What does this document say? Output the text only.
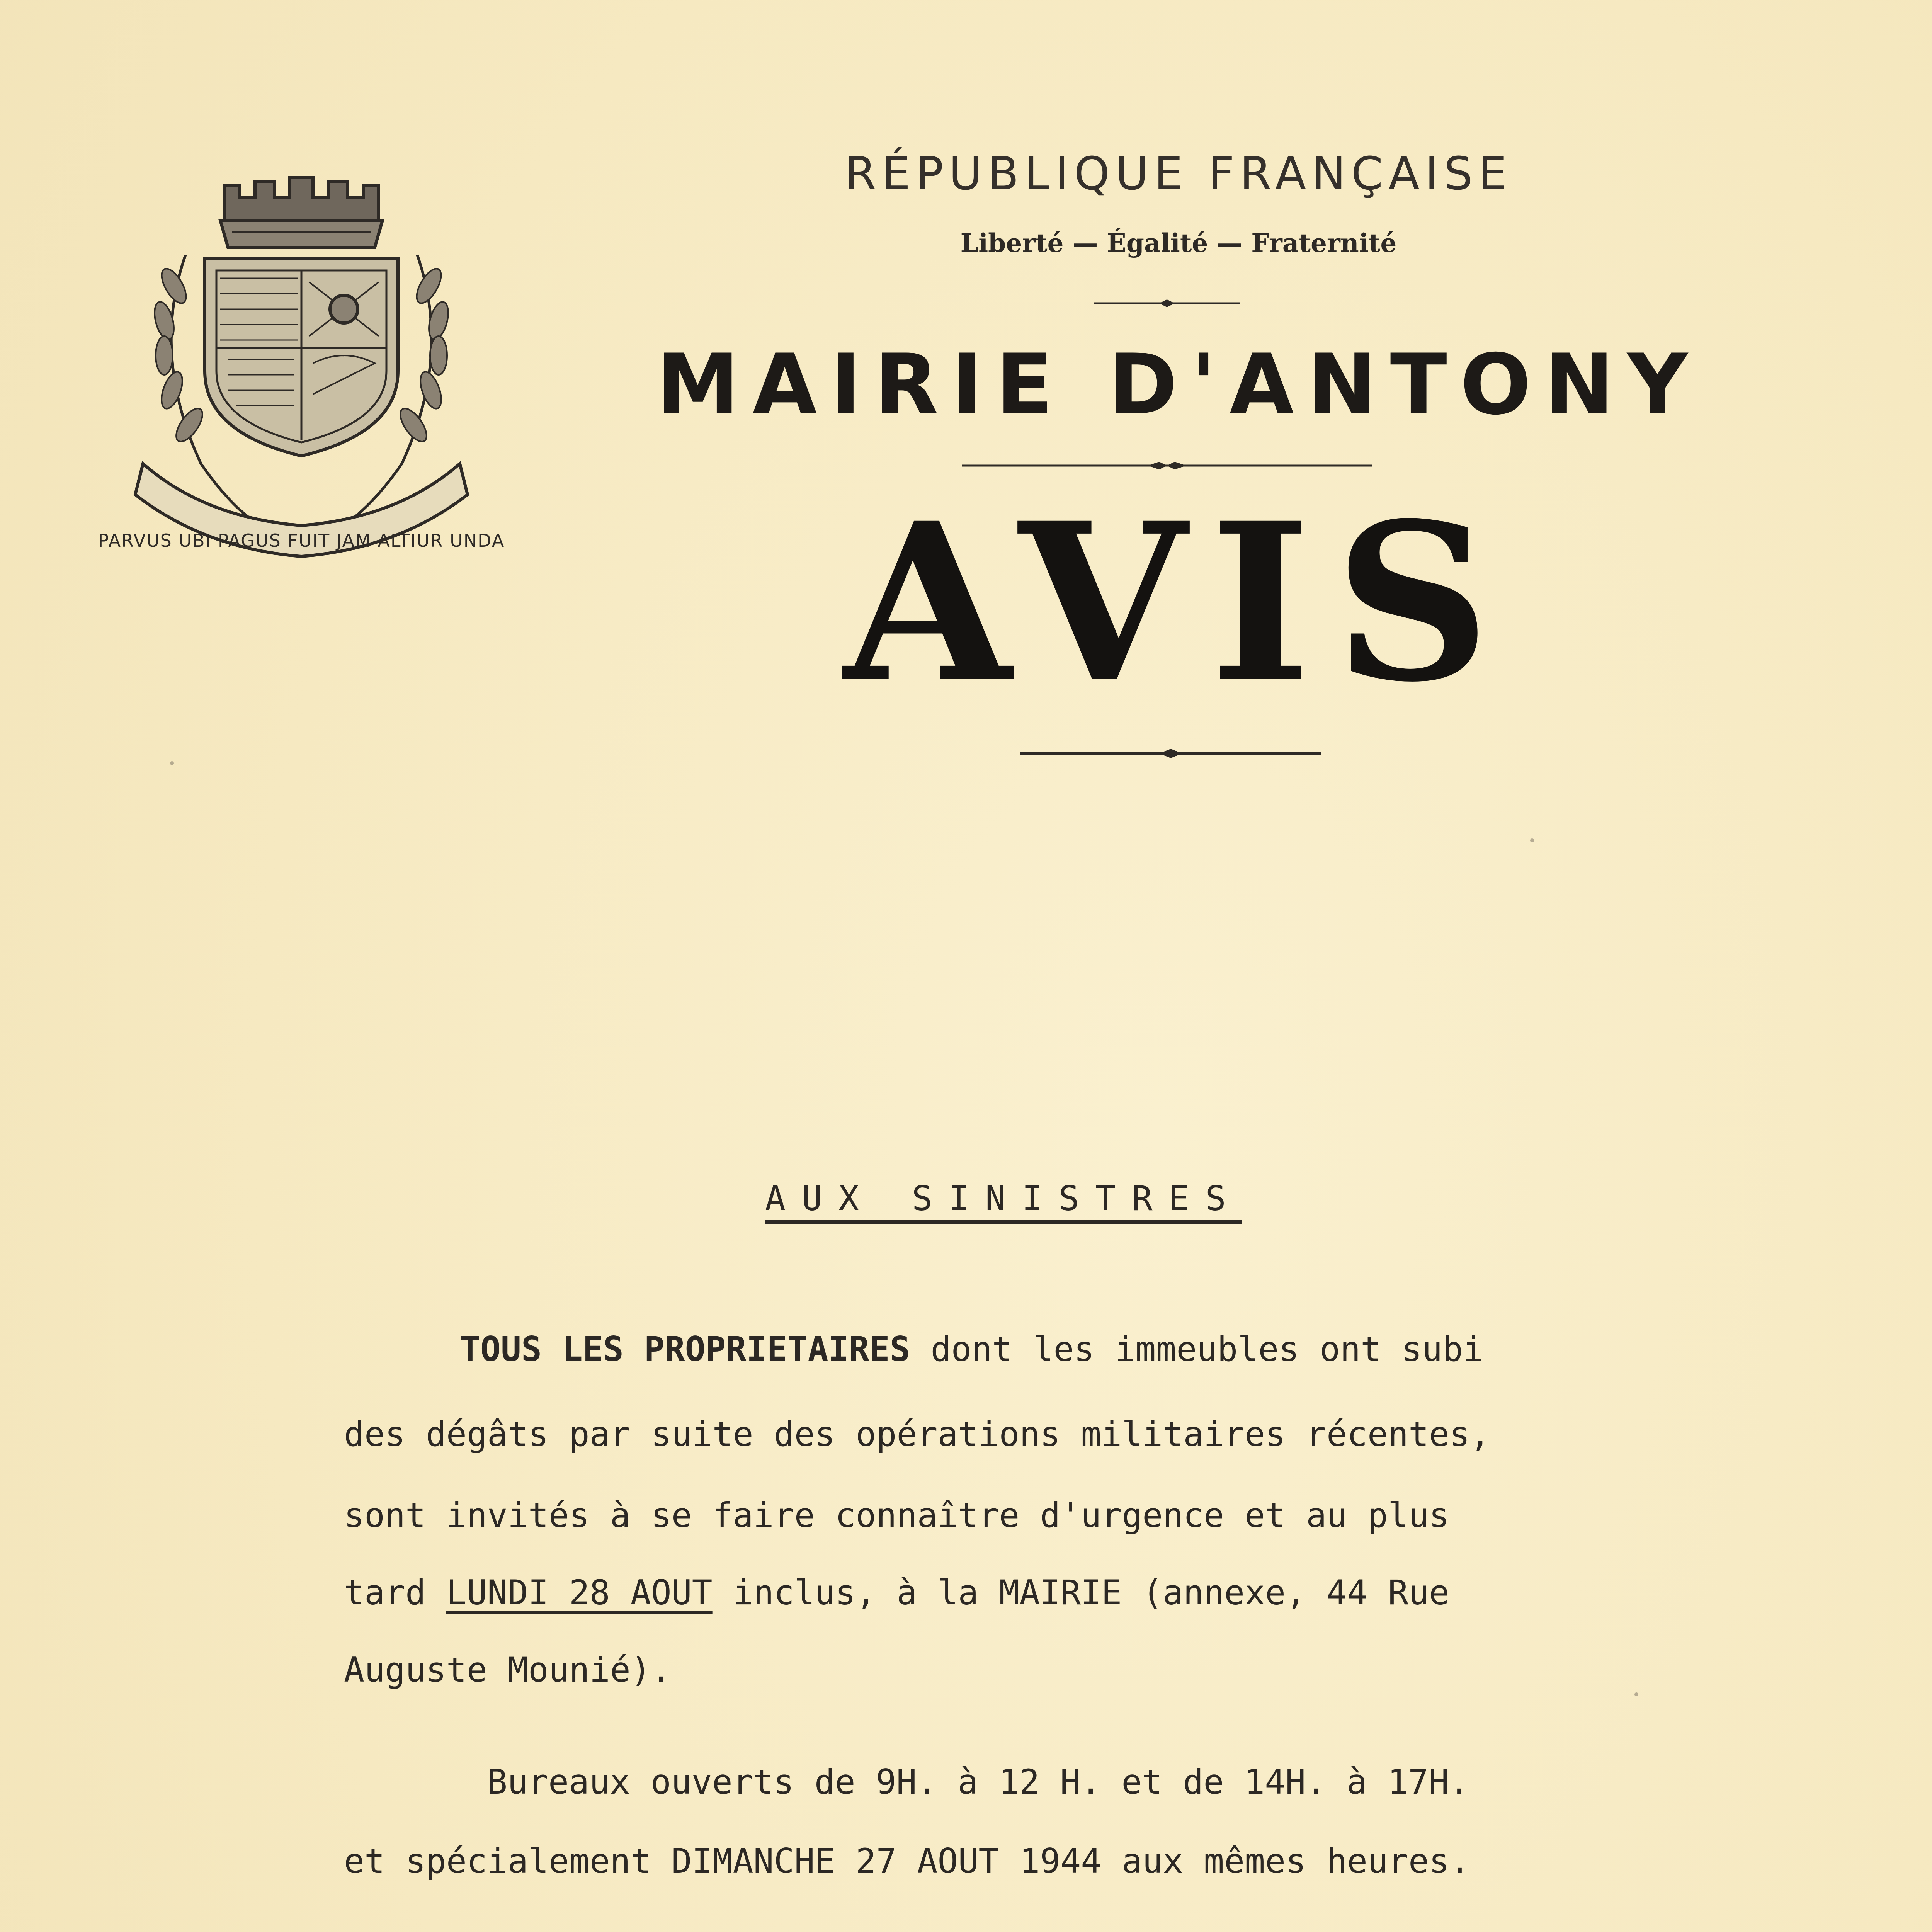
PARVUS UBI PAGUS FUIT JAM ALTIUR UNDA
RÉPUBLIQUE FRANÇAISE
Liberté — Égalité — Fraternité
MAIRIE D'ANTONY
AVIS
AUX SINISTRES
TOUS LES PROPRIETAIRES dont les immeubles ont subi
des dégâts par suite des opérations militaires récentes,
sont invités à se faire connaître d'urgence et au plus
tard LUNDI 28 AOUT inclus, à la MAIRIE (annexe, 44 Rue
Auguste Mounié).
Bureaux ouverts de 9H. à 12 H. et de 14H. à 17H.
et spécialement DIMANCHE 27 AOUT 1944 aux mêmes heures.
